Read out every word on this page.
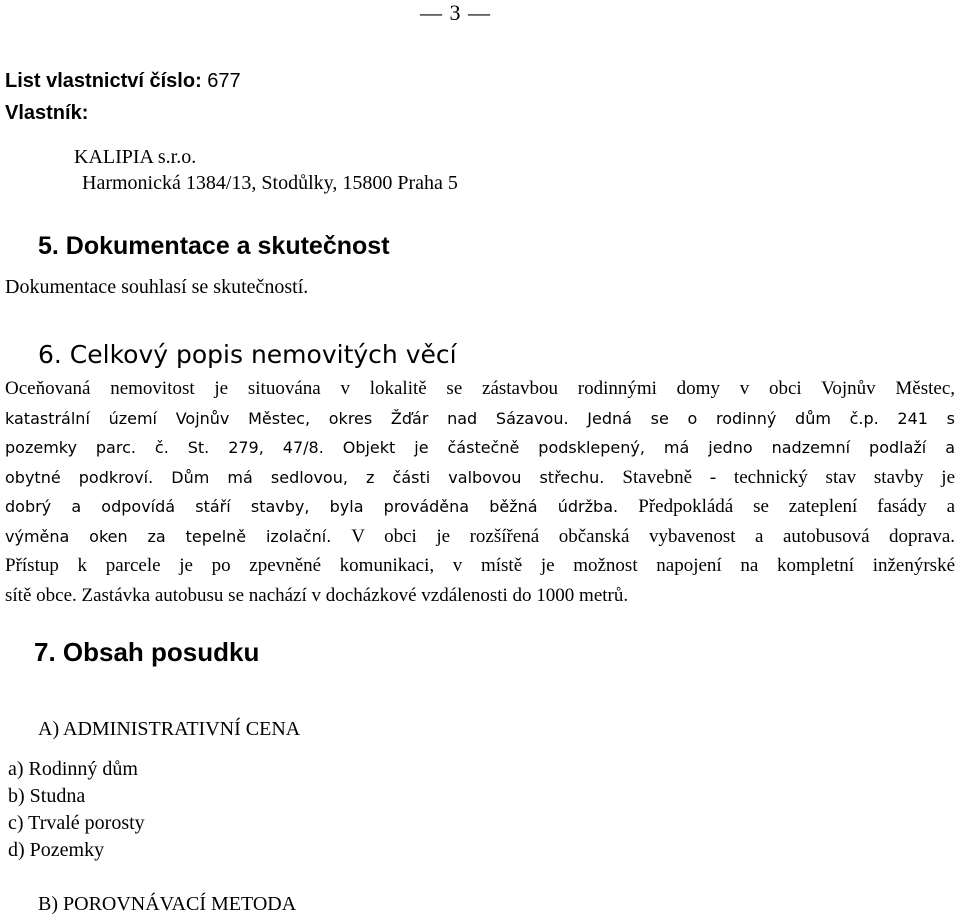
— 3 —
List vlastnictví číslo: 677
Vlastník:
KALIPIA s.r.o.
Harmonická 1384/13, Stodůlky, 15800 Praha 5
5. Dokumentace a skutečnost
Dokumentace souhlasí se skutečností.
6. Celkový popis nemovitých věcí
Oceňovaná nemovitost je situována v lokalitě se zástavbou rodinnými domy v obci Vojnův Městec,
katastrální území Vojnův Městec, okres Žďár nad Sázavou. Jedná se o rodinný dům č.p. 241 s
pozemky parc. č. St. 279, 47/8. Objekt je částečně podsklepený, má jedno nadzemní podlaží a
obytné podkroví. Dům má sedlovou, z části valbovou střechu. Stavebně - technický stav stavby je
dobrý a odpovídá stáří stavby, byla prováděna běžná údržba. Předpokládá se zateplení fasády a
výměna oken za tepelně izolační. V obci je rozšířená občanská vybavenost a autobusová doprava.
Přístup k parcele je po zpevněné komunikaci, v místě je možnost napojení na kompletní inženýrské
sítě obce. Zastávka autobusu se nachází v docházkové vzdálenosti do 1000 metrů.
7. Obsah posudku
A) ADMINISTRATIVNÍ CENA
a) Rodinný dům
b) Studna
c) Trvalé porosty
d) Pozemky
B) POROVNÁVACÍ METODA
